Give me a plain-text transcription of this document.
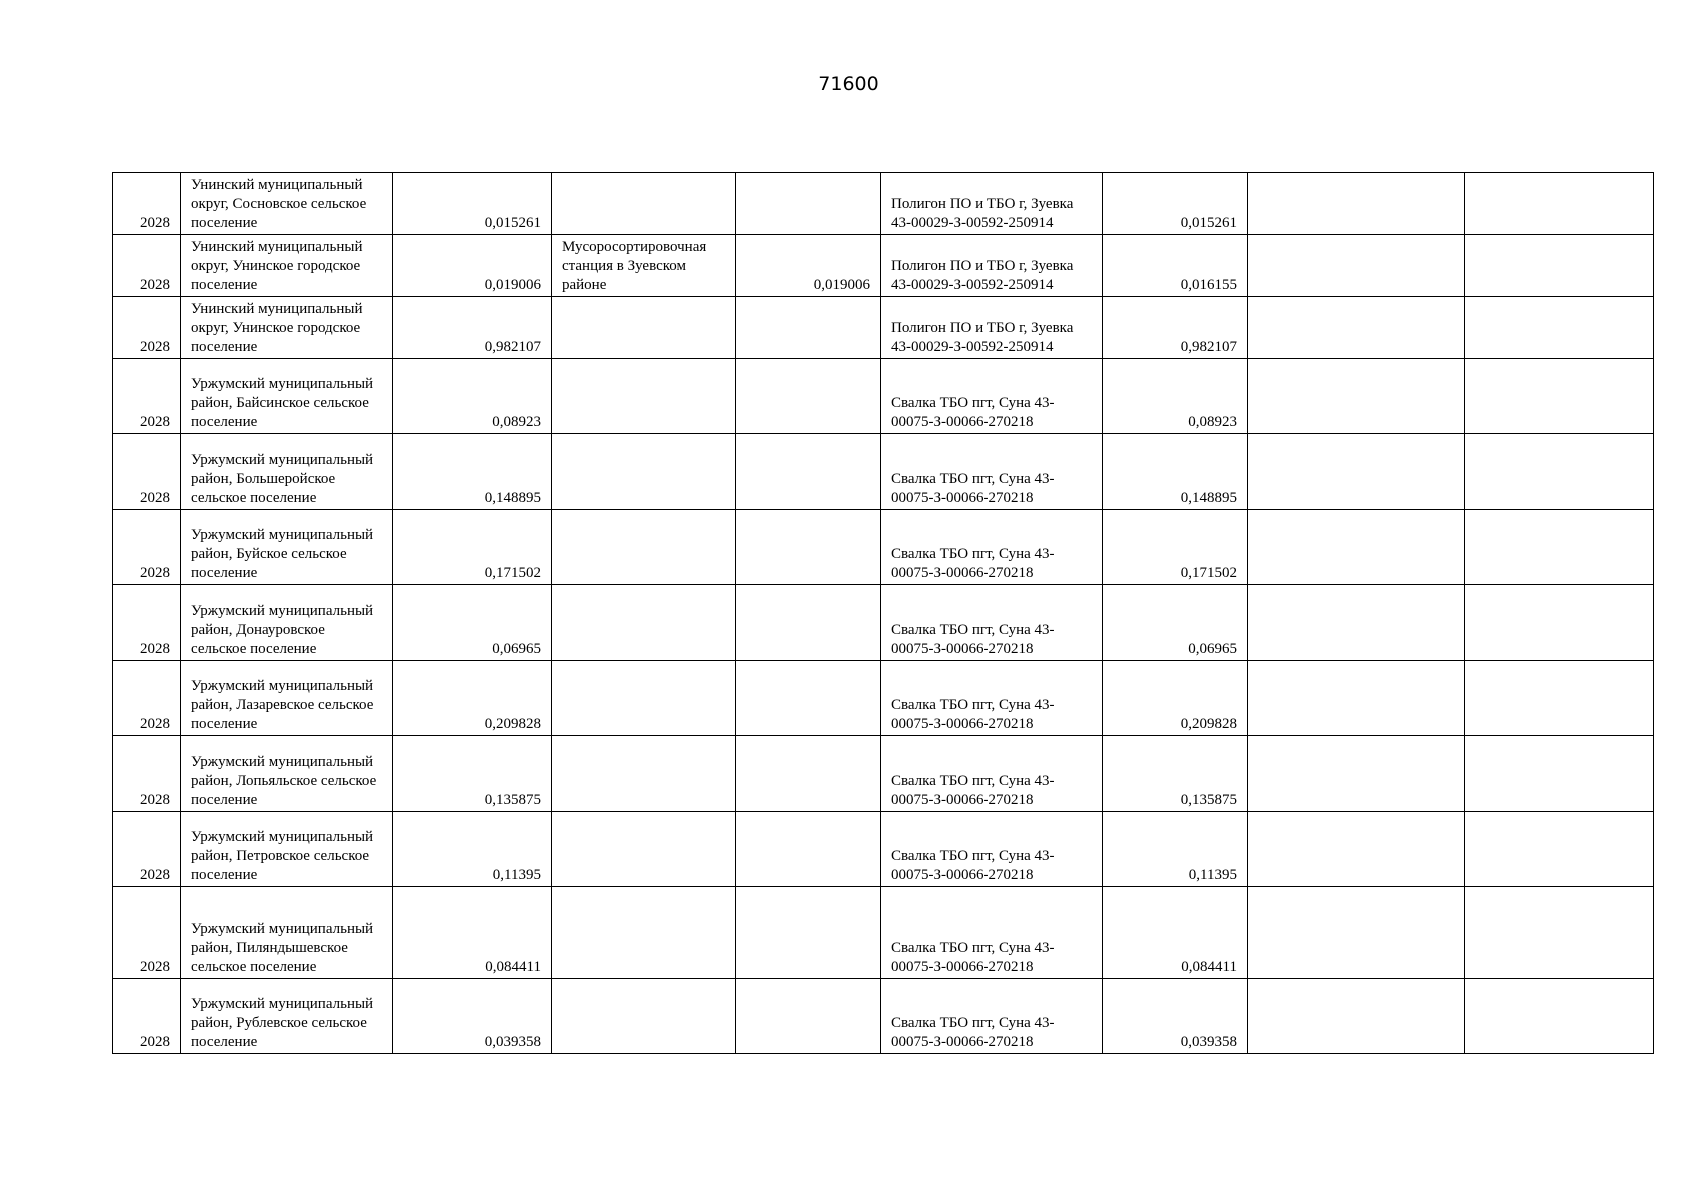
71600
2028	Унинский муниципальный округ, Сосновское сельское поселение	0,015261			Полигон ПО и ТБО г, Зуевка 43-00029-З-00592-250914	0,015261		
2028	Унинский муниципальный округ, Унинское городское поселение	0,019006	Мусоросортировочная станция в Зуевском районе	0,019006	Полигон ПО и ТБО г, Зуевка 43-00029-З-00592-250914	0,016155		
2028	Унинский муниципальный округ, Унинское городское поселение	0,982107			Полигон ПО и ТБО г, Зуевка 43-00029-З-00592-250914	0,982107		
2028	Уржумский муниципальный район, Байсинское сельское поселение	0,08923			Свалка ТБО пгт, Суна 43-00075-З-00066-270218	0,08923		
2028	Уржумский муниципальный район, Большеройское сельское поселение	0,148895			Свалка ТБО пгт, Суна 43-00075-З-00066-270218	0,148895		
2028	Уржумский муниципальный район, Буйское сельское поселение	0,171502			Свалка ТБО пгт, Суна 43-00075-З-00066-270218	0,171502		
2028	Уржумский муниципальный район, Донауровское сельское поселение	0,06965			Свалка ТБО пгт, Суна 43-00075-З-00066-270218	0,06965		
2028	Уржумский муниципальный район, Лазаревское сельское поселение	0,209828			Свалка ТБО пгт, Суна 43-00075-З-00066-270218	0,209828		
2028	Уржумский муниципальный район, Лопьяльское сельское поселение	0,135875			Свалка ТБО пгт, Суна 43-00075-З-00066-270218	0,135875		
2028	Уржумский муниципальный район, Петровское сельское поселение	0,11395			Свалка ТБО пгт, Суна 43-00075-З-00066-270218	0,11395		
2028	Уржумский муниципальный район, Пиляндышевское сельское поселение	0,084411			Свалка ТБО пгт, Суна 43-00075-З-00066-270218	0,084411		
2028	Уржумский муниципальный район, Рублевское сельское поселение	0,039358			Свалка ТБО пгт, Суна 43-00075-З-00066-270218	0,039358		
